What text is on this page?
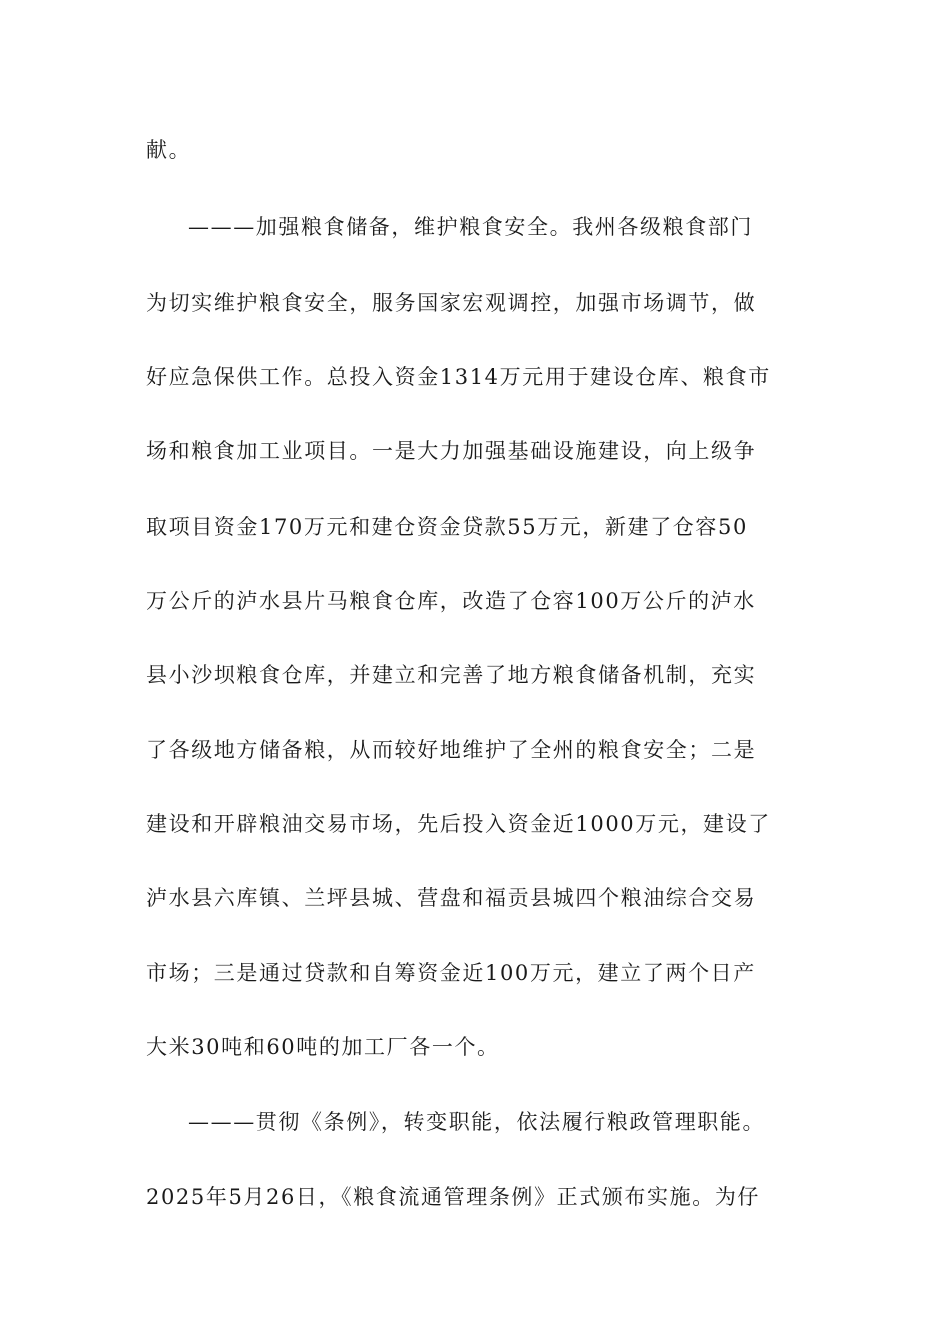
献。
———加强粮食储备，维护粮食安全。我州各级粮食部门
为切实维护粮食安全，服务国家宏观调控，加强市场调节，做
好应急保供工作。总投入资金1314万元用于建设仓库、粮食市
场和粮食加工业项目。一是大力加强基础设施建设，向上级争
取项目资金170万元和建仓资金贷款55万元，新建了仓容50
万公斤的泸水县片马粮食仓库，改造了仓容100万公斤的泸水
县小沙坝粮食仓库，并建立和完善了地方粮食储备机制，充实
了各级地方储备粮，从而较好地维护了全州的粮食安全；二是
建设和开辟粮油交易市场，先后投入资金近1000万元，建设了
泸水县六库镇、兰坪县城、营盘和福贡县城四个粮油综合交易
市场；三是通过贷款和自筹资金近100万元，建立了两个日产
大米30吨和60吨的加工厂各一个。
———贯彻《条例》，转变职能，依法履行粮政管理职能。
2025年5月26日，《粮食流通管理条例》正式颁布实施。为仔
